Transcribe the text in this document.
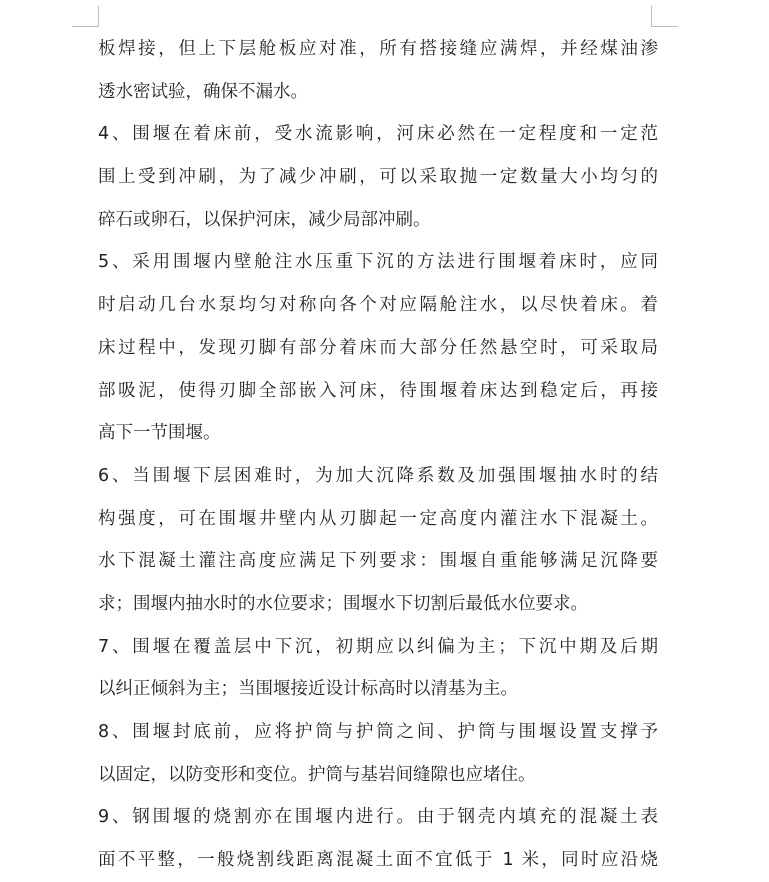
板焊接，但上下层舱板应对准，所有搭接缝应满焊，并经煤油渗
透水密试验，确保不漏水。
4、围堰在着床前，受水流影响，河床必然在一定程度和一定范
围上受到冲刷，为了减少冲刷，可以采取抛一定数量大小均匀的
碎石或卵石，以保护河床，减少局部冲刷。
5、采用围堰内壁舱注水压重下沉的方法进行围堰着床时，应同
时启动几台水泵均匀对称向各个对应隔舱注水，以尽快着床。着
床过程中，发现刃脚有部分着床而大部分任然悬空时，可采取局
部吸泥，使得刃脚全部嵌入河床，待围堰着床达到稳定后，再接
高下一节围堰。
6、当围堰下层困难时，为加大沉降系数及加强围堰抽水时的结
构强度，可在围堰井壁内从刃脚起一定高度内灌注水下混凝土。
水下混凝土灌注高度应满足下列要求：围堰自重能够满足沉降要
求；围堰内抽水时的水位要求；围堰水下切割后最低水位要求。
7、围堰在覆盖层中下沉，初期应以纠偏为主；下沉中期及后期
以纠正倾斜为主；当围堰接近设计标高时以清基为主。
8、围堰封底前，应将护筒与护筒之间、护筒与围堰设置支撑予
以固定，以防变形和变位。护筒与基岩间缝隙也应堵住。
9、钢围堰的烧割亦在围堰内进行。由于钢壳内填充的混凝土表
面不平整，一般烧割线距离混凝土面不宜低于 1 米，同时应沿烧
